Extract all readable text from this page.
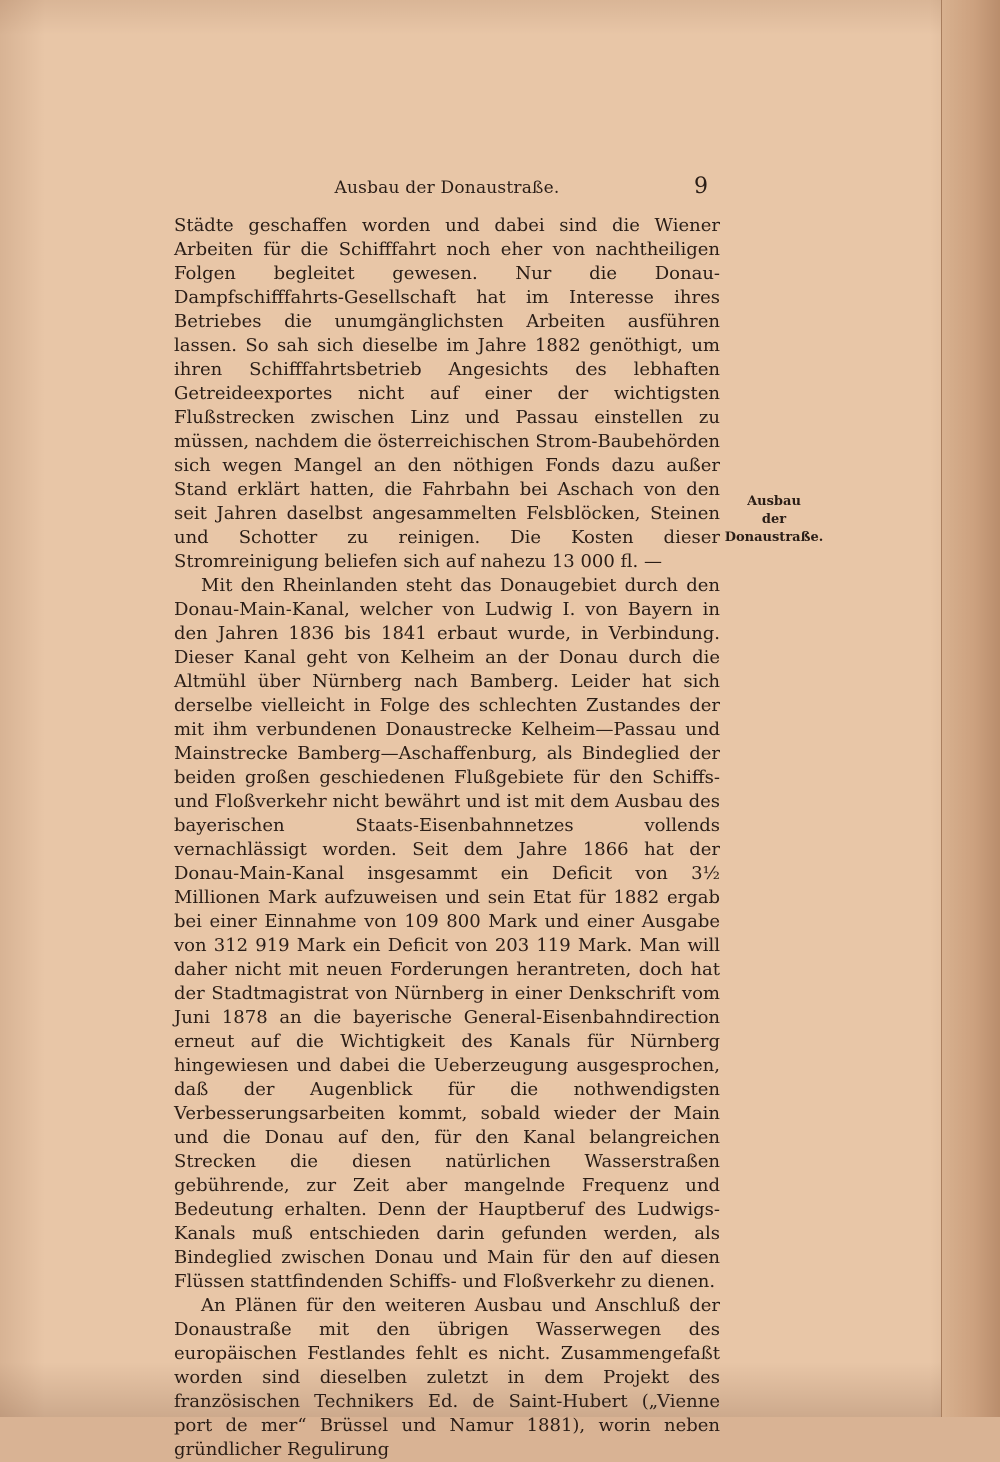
Ausbau der Donaustraße.	9

Städte geschaffen worden und dabei sind die Wiener Arbeiten für die Schifffahrt noch eher von nachtheiligen Folgen begleitet gewesen. Nur die Donau-Dampfschifffahrts-Gesellschaft hat im Interesse ihres Betriebes die unumgänglichsten Arbeiten ausführen lassen. So sah sich dieselbe im Jahre 1882 genöthigt, um ihren Schifffahrtsbetrieb Angesichts des lebhaften Getreideexportes nicht auf einer der wichtigsten Flußstrecken zwischen Linz und Passau einstellen zu müssen, nachdem die österreichischen Strom-Baubehörden sich wegen Mangel an den nöthigen Fonds dazu außer Stand erklärt hatten, die Fahrbahn bei Aschach von den seit Jahren daselbst angesammelten Felsblöcken, Steinen und Schotter zu reinigen. Die Kosten dieser Stromreinigung beliefen sich auf nahezu 13 000 fl. —

Mit den Rheinlanden steht das Donaugebiet durch den Donau-Main-Kanal, welcher von Ludwig I. von Bayern in den Jahren 1836 bis 1841 erbaut wurde, in Verbindung. Dieser Kanal geht von Kelheim an der Donau durch die Altmühl über Nürnberg nach Bamberg. Leider hat sich derselbe vielleicht in Folge des schlechten Zustandes der mit ihm verbundenen Donaustrecke Kelheim—Passau und Mainstrecke Bamberg—Aschaffenburg, als Bindeglied der beiden großen geschiedenen Flußgebiete für den Schiffs- und Floßverkehr nicht bewährt und ist mit dem Ausbau des bayerischen Staats-Eisenbahnnetzes vollends vernachlässigt worden. Seit dem Jahre 1866 hat der Donau-Main-Kanal insgesammt ein Deficit von 3½ Millionen Mark aufzuweisen und sein Etat für 1882 ergab bei einer Einnahme von 109 800 Mark und einer Ausgabe von 312 919 Mark ein Deficit von 203 119 Mark. Man will daher nicht mit neuen Forderungen herantreten, doch hat der Stadtmagistrat von Nürnberg in einer Denkschrift vom Juni 1878 an die bayerische General-Eisenbahndirection erneut auf die Wichtigkeit des Kanals für Nürnberg hingewiesen und dabei die Ueberzeugung ausgesprochen, daß der Augenblick für die nothwendigsten Verbesserungsarbeiten kommt, sobald wieder der Main und die Donau auf den, für den Kanal belangreichen Strecken die diesen natürlichen Wasserstraßen gebührende, zur Zeit aber mangelnde Frequenz und Bedeutung erhalten. Denn der Hauptberuf des Ludwigs-Kanals muß entschieden darin gefunden werden, als Bindeglied zwischen Donau und Main für den auf diesen Flüssen stattfindenden Schiffs- und Floßverkehr zu dienen.

An Plänen für den weiteren Ausbau und Anschluß der Donaustraße mit den übrigen Wasserwegen des europäischen Festlandes fehlt es nicht. Zusammengefaßt worden sind dieselben zuletzt in dem Projekt des französischen Technikers Ed. de Saint-Hubert („Vienne port de mer“ Brüssel und Namur 1881), worin neben gründlicher Regulirung

Ausbau
der
Donaustraße.
